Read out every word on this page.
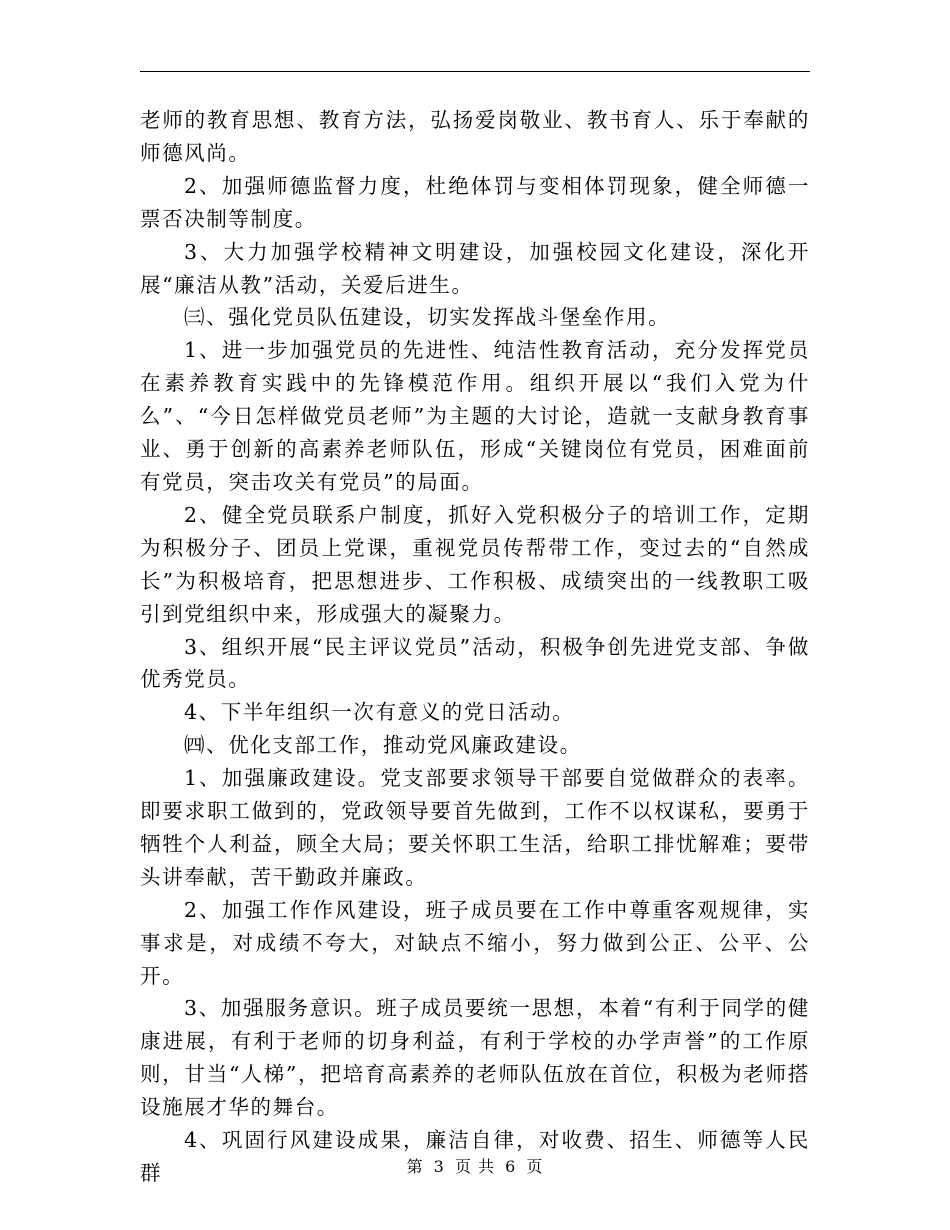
老师的教育思想、教育方法，弘扬爱岗敬业、教书育人、乐于奉献的师德风尚。

2、加强师德监督力度，杜绝体罚与变相体罚现象，健全师德一票否决制等制度。

3、大力加强学校精神文明建设，加强校园文化建设，深化开展“廉洁从教”活动，关爱后进生。

㈢、强化党员队伍建设，切实发挥战斗堡垒作用。

1、进一步加强党员的先进性、纯洁性教育活动，充分发挥党员在素养教育实践中的先锋模范作用。组织开展以“我们入党为什么”、“今日怎样做党员老师”为主题的大讨论，造就一支献身教育事业、勇于创新的高素养老师队伍，形成“关键岗位有党员，困难面前有党员，突击攻关有党员”的局面。

2、健全党员联系户制度，抓好入党积极分子的培训工作，定期为积极分子、团员上党课，重视党员传帮带工作，变过去的“自然成长”为积极培育，把思想进步、工作积极、成绩突出的一线教职工吸引到党组织中来，形成强大的凝聚力。

3、组织开展“民主评议党员”活动，积极争创先进党支部、争做优秀党员。

4、下半年组织一次有意义的党日活动。

㈣、优化支部工作，推动党风廉政建设。

1、加强廉政建设。党支部要求领导干部要自觉做群众的表率。即要求职工做到的，党政领导要首先做到，工作不以权谋私，要勇于牺牲个人利益，顾全大局；要关怀职工生活，给职工排忧解难；要带头讲奉献，苦干勤政并廉政。

2、加强工作作风建设，班子成员要在工作中尊重客观规律，实事求是，对成绩不夸大，对缺点不缩小，努力做到公正、公平、公开。

3、加强服务意识。班子成员要统一思想，本着“有利于同学的健康进展，有利于老师的切身利益，有利于学校的办学声誉”的工作原则，甘当“人梯”，把培育高素养的老师队伍放在首位，积极为老师搭设施展才华的舞台。

4、巩固行风建设成果，廉洁自律，对收费、招生、师德等人民群	第 3 页 共 6 页
